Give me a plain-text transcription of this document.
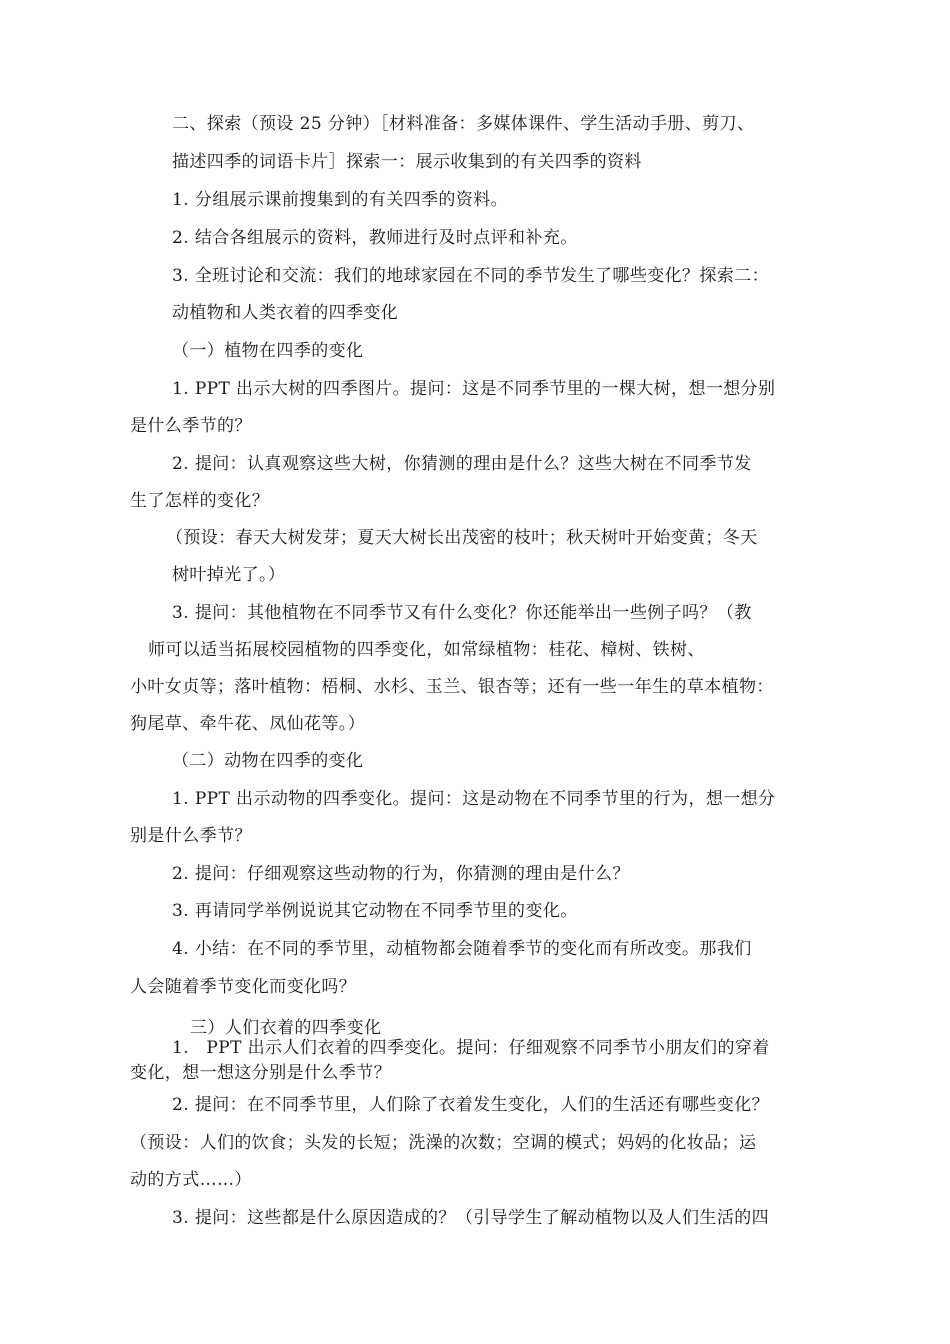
二、探索（预设 25 分钟）［材料准备：多媒体课件、学生活动手册、剪刀、
描述四季的词语卡片］探索一：展示收集到的有关四季的资料
1. 分组展示课前搜集到的有关四季的资料。
2. 结合各组展示的资料，教师进行及时点评和补充。
3. 全班讨论和交流：我们的地球家园在不同的季节发生了哪些变化？探索二：
动植物和人类衣着的四季变化
（一）植物在四季的变化
1. PPT 出示大树的四季图片。提问：这是不同季节里的一棵大树，想一想分别
是什么季节的？
2. 提问：认真观察这些大树，你猜测的理由是什么？这些大树在不同季节发
生了怎样的变化？
（预设：春天大树发芽；夏天大树长出茂密的枝叶；秋天树叶开始变黄；冬天
树叶掉光了。）
3. 提问：其他植物在不同季节又有什么变化？你还能举出一些例子吗？（教
师可以适当拓展校园植物的四季变化，如常绿植物：桂花、樟树、铁树、
小叶女贞等；落叶植物：梧桐、水杉、玉兰、银杏等；还有一些一年生的草本植物：
狗尾草、牵牛花、凤仙花等。）
（二）动物在四季的变化
1. PPT 出示动物的四季变化。提问：这是动物在不同季节里的行为，想一想分
别是什么季节？
2. 提问：仔细观察这些动物的行为，你猜测的理由是什么？
3. 再请同学举例说说其它动物在不同季节里的变化。
4. 小结：在不同的季节里，动植物都会随着季节的变化而有所改变。那我们
人会随着季节变化而变化吗？
三）人们衣着的四季变化
1.　PPT 出示人们衣着的四季变化。提问：仔细观察不同季节小朋友们的穿着
变化，想一想这分别是什么季节？
2. 提问：在不同季节里，人们除了衣着发生变化，人们的生活还有哪些变化？
（预设：人们的饮食；头发的长短；洗澡的次数；空调的模式；妈妈的化妆品；运
动的方式……）
3. 提问：这些都是什么原因造成的？（引导学生了解动植物以及人们生活的四
